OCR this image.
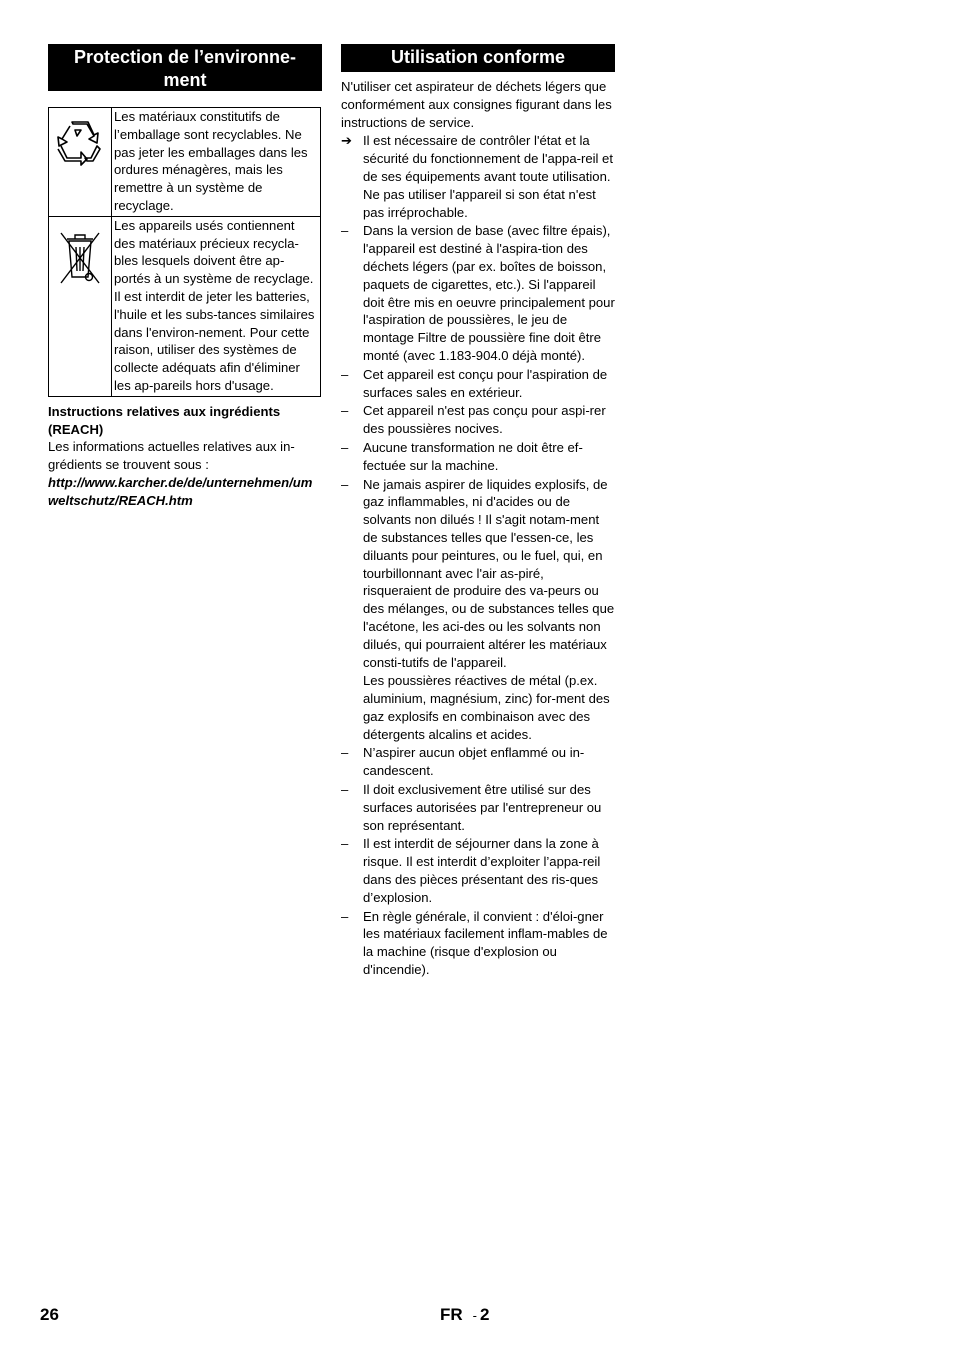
Protection de l’environne-
ment
	Les matériaux constitutifs de l’emballage sont recyclables. Ne pas jeter les emballages dans les ordures ménagères, mais les remettre à un système de recyclage.

	Les appareils usés contiennent des matériaux précieux recycla-bles lesquels doivent être ap-portés à un système de recyclage. Il est interdit de jeter les batteries, l'huile et les subs-tances similaires dans l'environ-nement. Pour cette raison, utiliser des systèmes de collecte adéquats afin d'éliminer les ap-pareils hors d'usage.
Instructions relatives aux ingrédients (REACH)
Les informations actuelles relatives aux in-grédients se trouvent sous :
http://www.karcher.de/de/unternehmen/umweltschutz/REACH.htm
Utilisation conforme
N'utiliser cet aspirateur de déchets légers que conformément aux consignes figurant dans les instructions de service.
➔ Il est nécessaire de contrôler l'état et la sécurité du fonctionnement de l'appa-reil et de ses équipements avant toute utilisation. Ne pas utiliser l'appareil si son état n'est pas irréprochable.
–	Dans la version de base (avec filtre épais), l'appareil est destiné à l'aspira-tion des déchets légers (par ex. boîtes de boisson, paquets de cigarettes, etc.). Si l'appareil doit être mis en oeuvre principalement pour l'aspiration de poussières, le jeu de montage Filtre de poussière fine doit être monté (avec 1.183-904.0 déjà monté).
–	Cet appareil est conçu pour l'aspiration de surfaces sales en extérieur.
–	Cet appareil n'est pas conçu pour aspi-rer des poussières nocives.
–	Aucune transformation ne doit être ef-fectuée sur la machine.
–	Ne jamais aspirer de liquides explosifs, de gaz inflammables, ni d'acides ou de solvants non dilués ! Il s'agit notam-ment de substances telles que l'essen-ce, les diluants pour peintures, ou le fuel, qui, en tourbillonnant avec l'air as-piré, risqueraient de produire des va-peurs ou des mélanges, ou de substances telles que l'acétone, les aci-des ou les solvants non dilués, qui pourraient altérer les matériaux consti-tutifs de l'appareil.
Les poussières réactives de métal (p.ex. aluminium, magnésium, zinc) for-ment des gaz explosifs en combinaison avec des détergents alcalins et acides.
–	N’aspirer aucun objet enflammé ou in-candescent.
–	Il doit exclusivement être utilisé sur des surfaces autorisées par l'entrepreneur ou son représentant.
–	Il est interdit de séjourner dans la zone à risque. Il est interdit d’exploiter l’appa-reil dans des pièces présentant des ris-ques d’explosion.
–	En règle générale, il convient : d'éloi-gner les matériaux facilement inflam-mables de la machine (risque d'explosion ou d'incendie).
26	FR - 2
